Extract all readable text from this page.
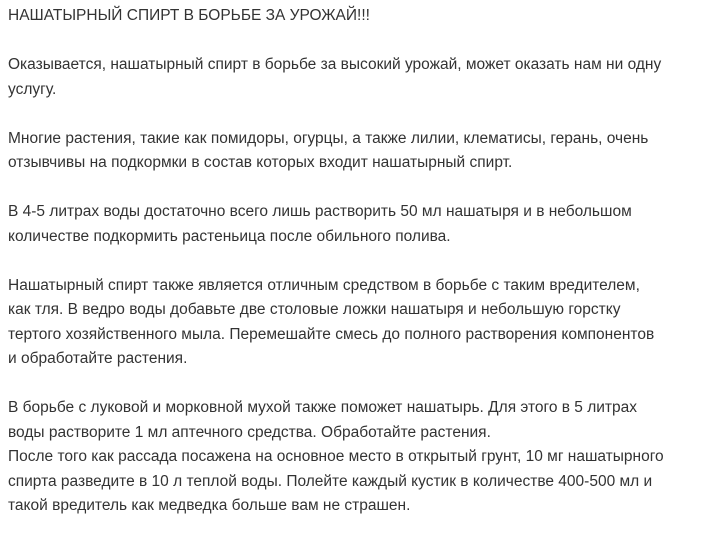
НАШАТЫРНЫЙ СПИРТ В БОРЬБЕ ЗА УРОЖАЙ!!!
Оказывается, нашатырный спирт в борьбе за высокий урожай, может оказать нам ни одну
услугу.
Многие растения, такие как помидоры, огурцы, а также лилии, клематисы, герань, очень
отзывчивы на подкормки в состав которых входит нашатырный спирт.
В 4-5 литрах воды достаточно всего лишь растворить 50 мл нашатыря и в небольшом
количестве подкормить растеньица после обильного полива.
Нашатырный спирт также является отличным средством в борьбе с таким вредителем,
как тля. В ведро воды добавьте две столовые ложки нашатыря и небольшую горстку
тертого хозяйственного мыла. Перемешайте смесь до полного растворения компонентов
и обработайте растения.
В борьбе с луковой и морковной мухой также поможет нашатырь. Для этого в 5 литрах
воды растворите 1 мл аптечного средства. Обработайте растения.
После того как рассада посажена на основное место в открытый грунт, 10 мг нашатырного
спирта разведите в 10 л теплой воды. Полейте каждый кустик в количестве 400-500 мл и
такой вредитель как медведка больше вам не страшен.
